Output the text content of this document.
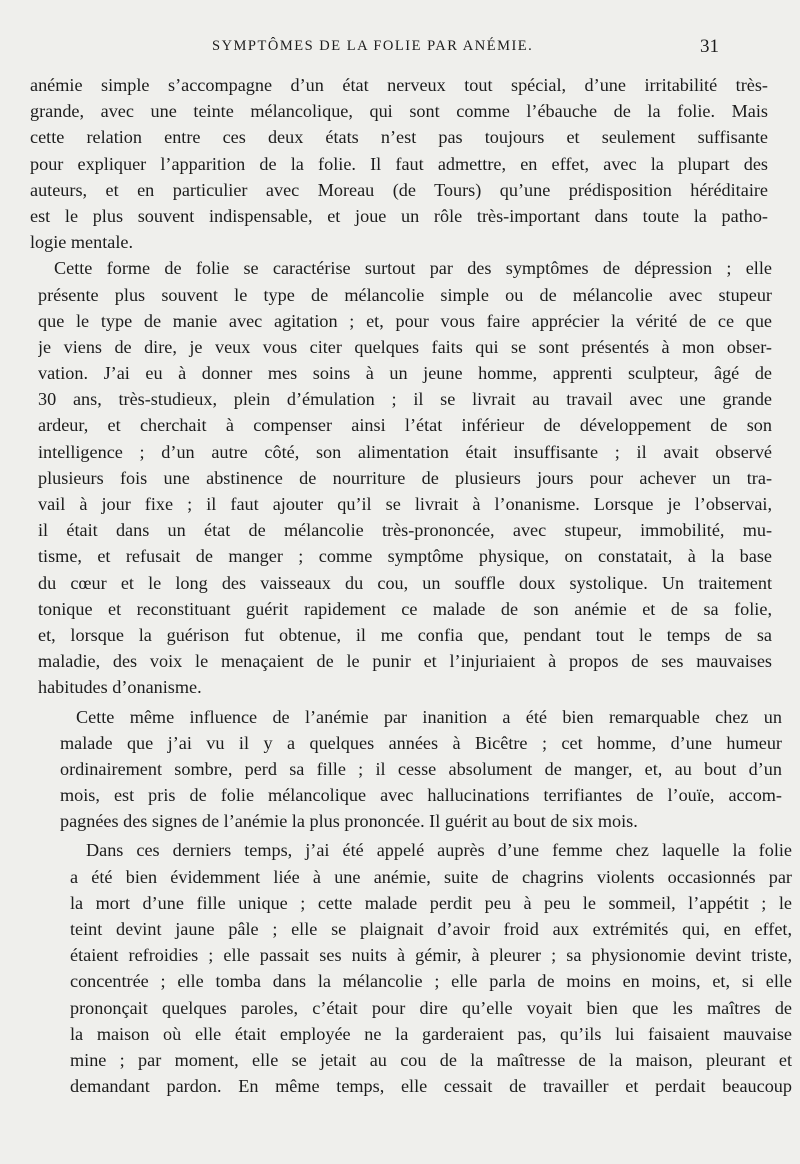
SYMPTÔMES DE LA FOLIE PAR ANÉMIE.	31
anémie simple s’accompagne d’un état nerveux tout spécial, d’une irritabilité très-
grande, avec une teinte mélancolique, qui sont comme l’ébauche de la folie. Mais
cette relation entre ces deux états n’est pas toujours et seulement suffisante
pour expliquer l’apparition de la folie. Il faut admettre, en effet, avec la plupart des
auteurs, et en particulier avec Moreau (de Tours) qu’une prédisposition héréditaire
est le plus souvent indispensable, et joue un rôle très-important dans toute la patho-
logie mentale.
Cette forme de folie se caractérise surtout par des symptômes de dépression ; elle
présente plus souvent le type de mélancolie simple ou de mélancolie avec stupeur
que le type de manie avec agitation ; et, pour vous faire apprécier la vérité de ce que
je viens de dire, je veux vous citer quelques faits qui se sont présentés à mon obser-
vation. J’ai eu à donner mes soins à un jeune homme, apprenti sculpteur, âgé de
30 ans, très-studieux, plein d’émulation ; il se livrait au travail avec une grande
ardeur, et cherchait à compenser ainsi l’état inférieur de développement de son
intelligence ; d’un autre côté, son alimentation était insuffisante ; il avait observé
plusieurs fois une abstinence de nourriture de plusieurs jours pour achever un tra-
vail à jour fixe ; il faut ajouter qu’il se livrait à l’onanisme. Lorsque je l’observai,
il était dans un état de mélancolie très-prononcée, avec stupeur, immobilité, mu-
tisme, et refusait de manger ; comme symptôme physique, on constatait, à la base
du cœur et le long des vaisseaux du cou, un souffle doux systolique. Un traitement
tonique et reconstituant guérit rapidement ce malade de son anémie et de sa folie,
et, lorsque la guérison fut obtenue, il me confia que, pendant tout le temps de sa
maladie, des voix le menaçaient de le punir et l’injuriaient à propos de ses mauvaises
habitudes d’onanisme.
Cette même influence de l’anémie par inanition a été bien remarquable chez un
malade que j’ai vu il y a quelques années à Bicêtre ; cet homme, d’une humeur
ordinairement sombre, perd sa fille ; il cesse absolument de manger, et, au bout d’un
mois, est pris de folie mélancolique avec hallucinations terrifiantes de l’ouïe, accom-
pagnées des signes de l’anémie la plus prononcée. Il guérit au bout de six mois.
Dans ces derniers temps, j’ai été appelé auprès d’une femme chez laquelle la folie
a été bien évidemment liée à une anémie, suite de chagrins violents occasionnés par
la mort d’une fille unique ; cette malade perdit peu à peu le sommeil, l’appétit ; le
teint devint jaune pâle ; elle se plaignait d’avoir froid aux extrémités qui, en effet,
étaient refroidies ; elle passait ses nuits à gémir, à pleurer ; sa physionomie devint triste,
concentrée ; elle tomba dans la mélancolie ; elle parla de moins en moins, et, si elle
prononçait quelques paroles, c’était pour dire qu’elle voyait bien que les maîtres de
la maison où elle était employée ne la garderaient pas, qu’ils lui faisaient mauvaise
mine ; par moment, elle se jetait au cou de la maîtresse de la maison, pleurant et
demandant pardon. En même temps, elle cessait de travailler et perdait beaucoup
